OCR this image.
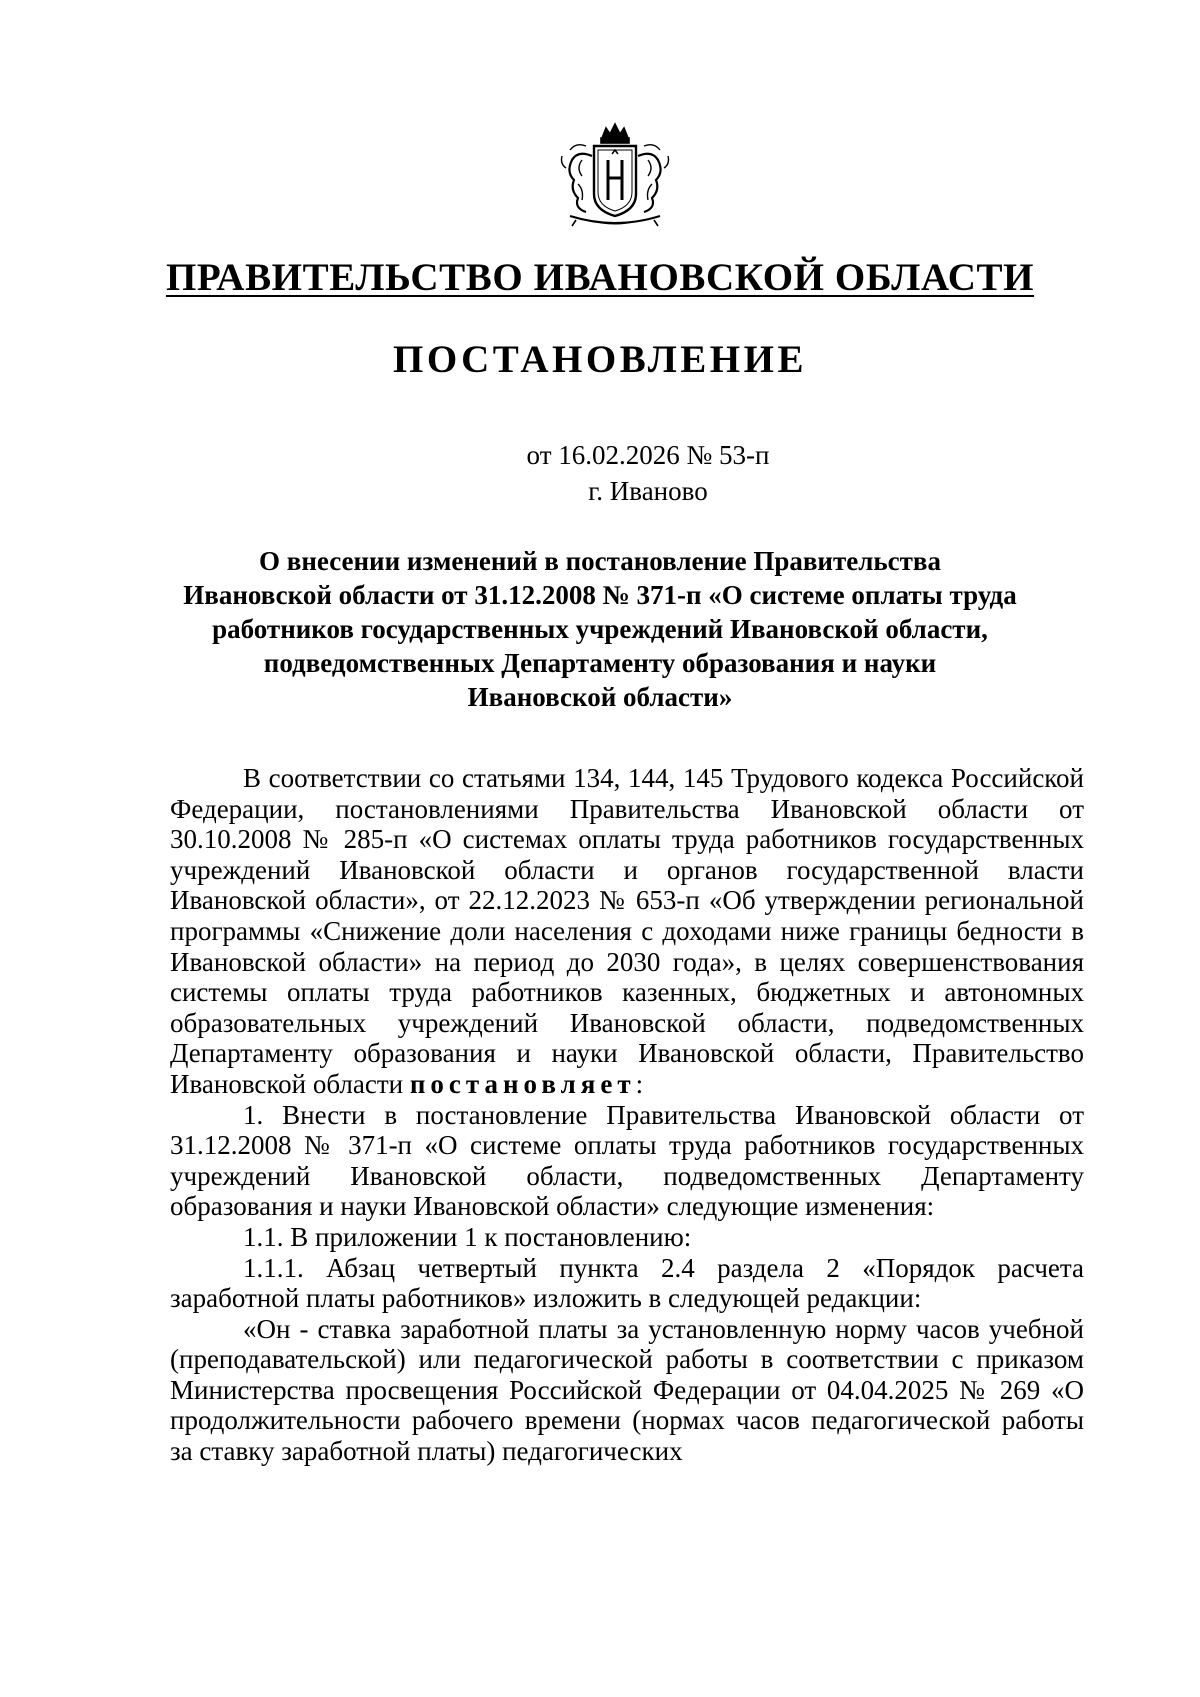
ПРАВИТЕЛЬСТВО ИВАНОВСКОЙ ОБЛАСТИ
ПОСТАНОВЛЕНИЕ
от 16.02.2026 № 53-п
г. Иваново
О внесении изменений в постановление Правительства
Ивановской области от 31.12.2008 № 371-п «О системе оплаты труда
работников государственных учреждений Ивановской области,
подведомственных Департаменту образования и науки
Ивановской области»

В соответствии со статьями 134, 144, 145 Трудового кодекса Российской Федерации, постановлениями Правительства Ивановской области от 30.10.2008 № 285-п «О системах оплаты труда работников государственных учреждений Ивановской области и органов государственной власти Ивановской области», от 22.12.2023 № 653-п «Об утверждении региональной программы «Снижение доли населения с доходами ниже границы бедности в Ивановской области» на период до 2030 года», в целях совершенствования системы оплаты труда работников казенных, бюджетных и автономных образовательных учреждений Ивановской области, подведомственных Департаменту образования и науки Ивановской области, Правительство Ивановской области постановляет:

1. Внести в постановление Правительства Ивановской области от 31.12.2008 № 371-п «О системе оплаты труда работников государственных учреждений Ивановской области, подведомственных Департаменту образования и науки Ивановской области» следующие изменения:

1.1. В приложении 1 к постановлению:

1.1.1. Абзац четвертый пункта 2.4 раздела 2 «Порядок расчета заработной платы работников» изложить в следующей редакции:

«Он - ставка заработной платы за установленную норму часов учебной (преподавательской) или педагогической работы в соответствии с приказом Министерства просвещения Российской Федерации от 04.04.2025 № 269 «О продолжительности рабочего времени (нормах часов педагогической работы за ставку заработной платы) педагогических
